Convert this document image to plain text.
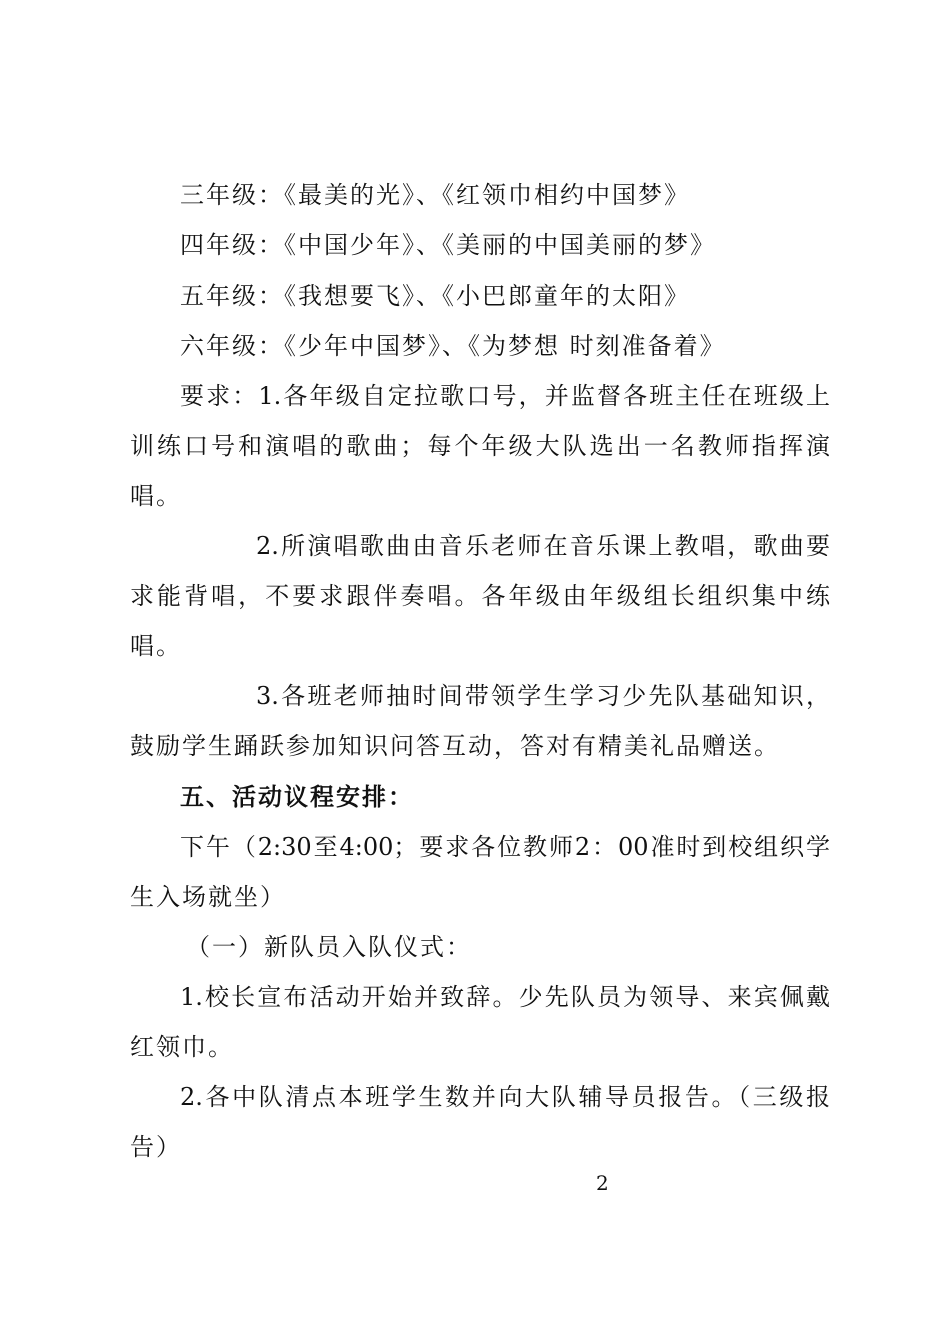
三年级：《最美的光》、《红领巾相约中国梦》
四年级：《中国少年》、《美丽的中国美丽的梦》
五年级：《我想要飞》、《小巴郎童年的太阳》
六年级：《少年中国梦》、《为梦想 时刻准备着》
要求：1.各年级自定拉歌口号，并监督各班主任在班级上
训练口号和演唱的歌曲；每个年级大队选出一名教师指挥演
唱。
2.所演唱歌曲由音乐老师在音乐课上教唱，歌曲要
求能背唱，不要求跟伴奏唱。各年级由年级组长组织集中练
唱。
3.各班老师抽时间带领学生学习少先队基础知识，
鼓励学生踊跃参加知识问答互动，答对有精美礼品赠送。
五、活动议程安排：
下午（2:30至4:00；要求各位教师2：00准时到校组织学
生入场就坐）
（一）新队员入队仪式：
1.校长宣布活动开始并致辞。少先队员为领导、来宾佩戴
红领巾。
2.各中队清点本班学生数并向大队辅导员报告。（三级报
告）
2
